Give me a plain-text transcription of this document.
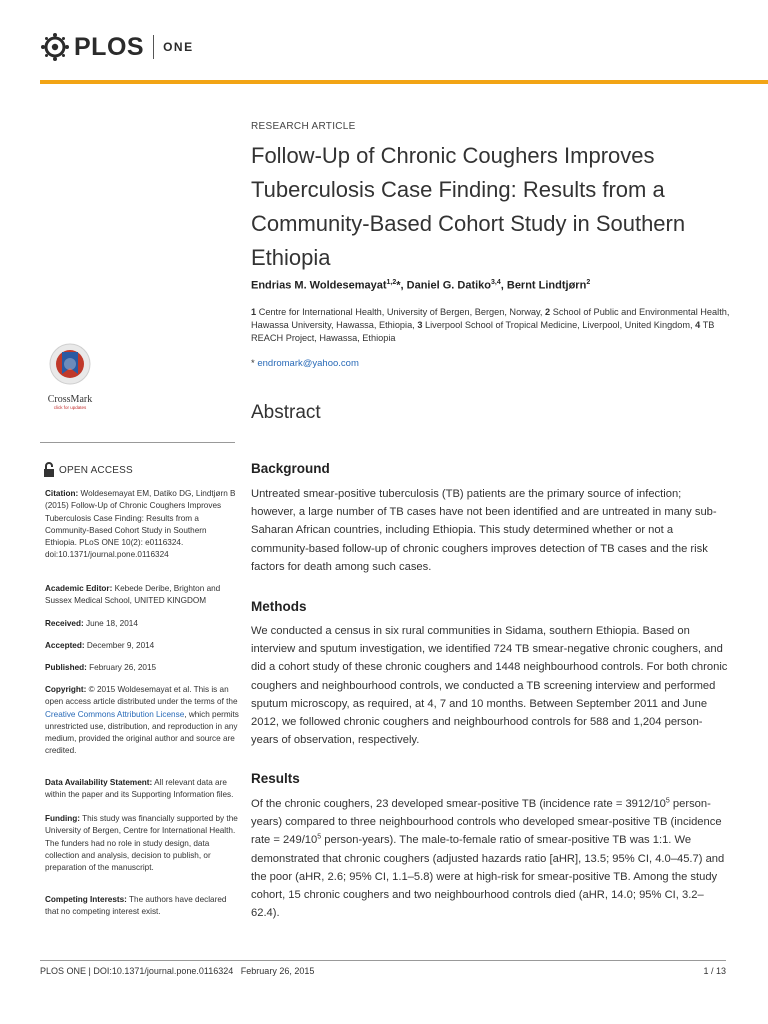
PLOS ONE
RESEARCH ARTICLE
Follow-Up of Chronic Coughers Improves Tuberculosis Case Finding: Results from a Community-Based Cohort Study in Southern Ethiopia
Endrias M. Woldesemayat$^{1,2}$*, Daniel G. Datiko$^{3,4}$, Bernt Lindtjørn$^2$
1 Centre for International Health, University of Bergen, Bergen, Norway, 2 School of Public and Environmental Health, Hawassa University, Hawassa, Ethiopia, 3 Liverpool School of Tropical Medicine, Liverpool, United Kingdom, 4 TB REACH Project, Hawassa, Ethiopia
* endromark@yahoo.com
Abstract
Background
Untreated smear-positive tuberculosis (TB) patients are the primary source of infection; however, a large number of TB cases have not been identified and are untreated in many sub-Saharan African countries, including Ethiopia. This study determined whether or not a community-based follow-up of chronic coughers improves detection of TB cases and the risk factors for death among such cases.
Methods
We conducted a census in six rural communities in Sidama, southern Ethiopia. Based on interview and sputum investigation, we identified 724 TB smear-negative chronic coughers, and did a cohort study of these chronic coughers and 1448 neighbourhood controls. For both chronic coughers and neighbourhood controls, we conducted a TB screening interview and performed sputum microscopy, as required, at 4, 7 and 10 months. Between September 2011 and June 2012, we followed chronic coughers and neighbourhood controls for 588 and 1,204 person-years of observation, respectively.
Results
Of the chronic coughers, 23 developed smear-positive TB (incidence rate = $3912/10^5$ person-years) compared to three neighbourhood controls who developed smear-positive TB (incidence rate = $249/10^5$ person-years). The male-to-female ratio of smear-positive TB was 1:1. We demonstrated that chronic coughers (adjusted hazards ratio [aHR], 13.5; 95% CI, 4.0–45.7) and the poor (aHR, 2.6; 95% CI, 1.1–5.8) were at high-risk for smear-positive TB. Among the study cohort, 15 chronic coughers and two neighbourhood controls died (aHR, 14.0; 95% CI, 3.2–62.4).
CrossMark
click for updates
OPEN ACCESS
Citation: Woldesemayat EM, Datiko DG, Lindtjørn B (2015) Follow-Up of Chronic Coughers Improves Tuberculosis Case Finding: Results from a Community-Based Cohort Study in Southern Ethiopia. PLoS ONE 10(2): e0116324. doi:10.1371/journal.pone.0116324
Academic Editor: Kebede Deribe, Brighton and Sussex Medical School, UNITED KINGDOM
Received: June 18, 2014
Accepted: December 9, 2014
Published: February 26, 2015
Copyright: © 2015 Woldesemayat et al. This is an open access article distributed under the terms of the Creative Commons Attribution License, which permits unrestricted use, distribution, and reproduction in any medium, provided the original author and source are credited.
Data Availability Statement: All relevant data are within the paper and its Supporting Information files.
Funding: This study was financially supported by the University of Bergen, Centre for International Health. The funders had no role in study design, data collection and analysis, decision to publish, or preparation of the manuscript.
Competing Interests: The authors have declared that no competing interest exist.
PLOS ONE | DOI:10.1371/journal.pone.0116324   February 26, 2015	1 / 13
